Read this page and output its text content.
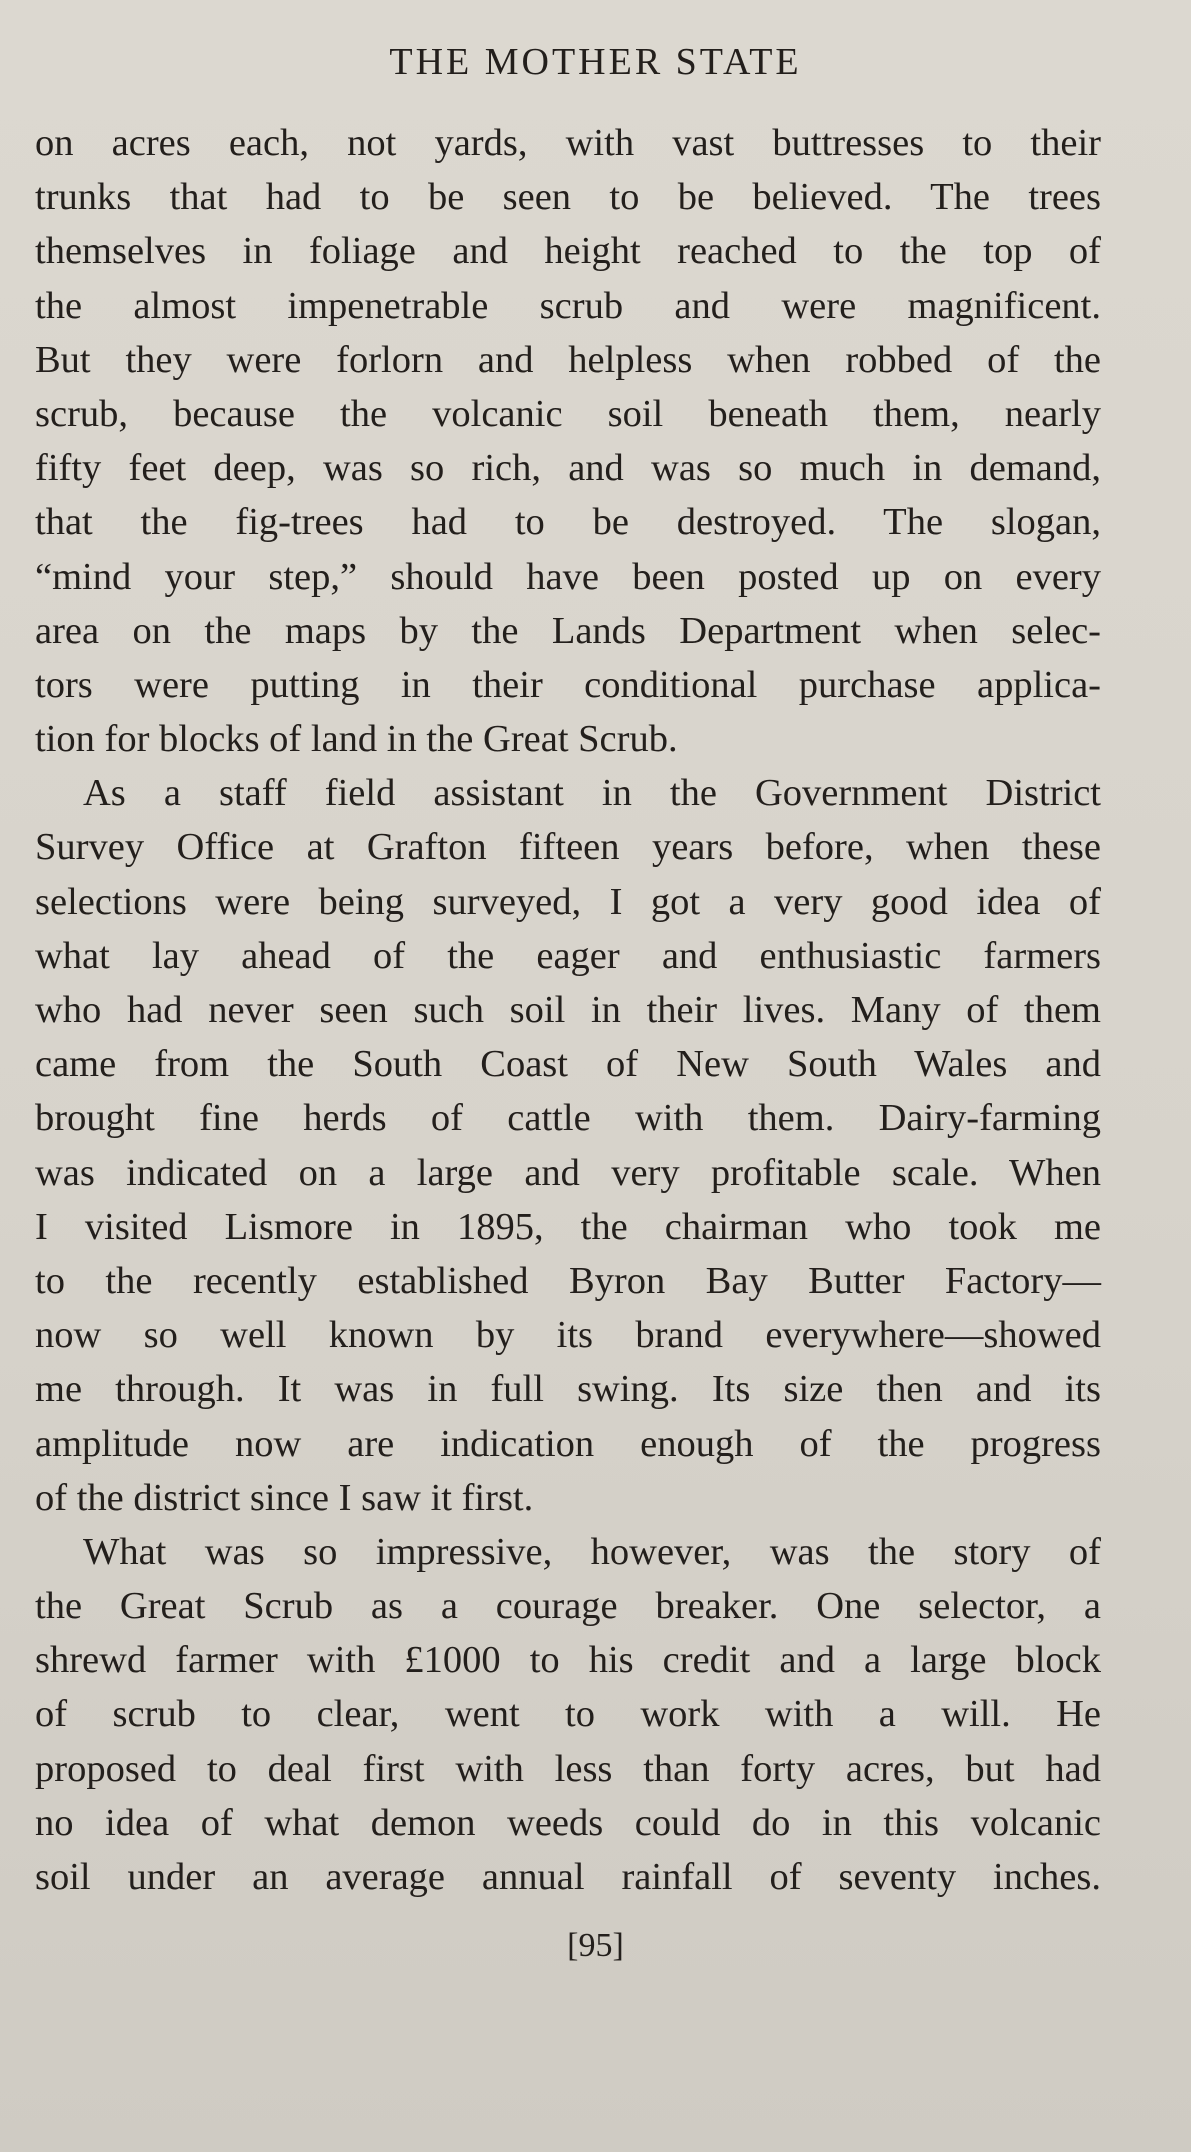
THE MOTHER STATE
on acres each, not yards, with vast buttresses to their
trunks that had to be seen to be believed. The trees
themselves in foliage and height reached to the top of
the almost impenetrable scrub and were magnificent.
But they were forlorn and helpless when robbed of the
scrub, because the volcanic soil beneath them, nearly
fifty feet deep, was so rich, and was so much in demand,
that the fig-trees had to be destroyed. The slogan,
“mind your step,” should have been posted up on every
area on the maps by the Lands Department when selec-
tors were putting in their conditional purchase applica-
tion for blocks of land in the Great Scrub.
As a staff field assistant in the Government District
Survey Office at Grafton fifteen years before, when these
selections were being surveyed, I got a very good idea of
what lay ahead of the eager and enthusiastic farmers
who had never seen such soil in their lives. Many of them
came from the South Coast of New South Wales and
brought fine herds of cattle with them. Dairy-farming
was indicated on a large and very profitable scale. When
I visited Lismore in 1895, the chairman who took me
to the recently established Byron Bay Butter Factory—
now so well known by its brand everywhere—showed
me through. It was in full swing. Its size then and its
amplitude now are indication enough of the progress
of the district since I saw it first.
What was so impressive, however, was the story of
the Great Scrub as a courage breaker. One selector, a
shrewd farmer with £1000 to his credit and a large block
of scrub to clear, went to work with a will. He
proposed to deal first with less than forty acres, but had
no idea of what demon weeds could do in this volcanic
soil under an average annual rainfall of seventy inches.
[95]
